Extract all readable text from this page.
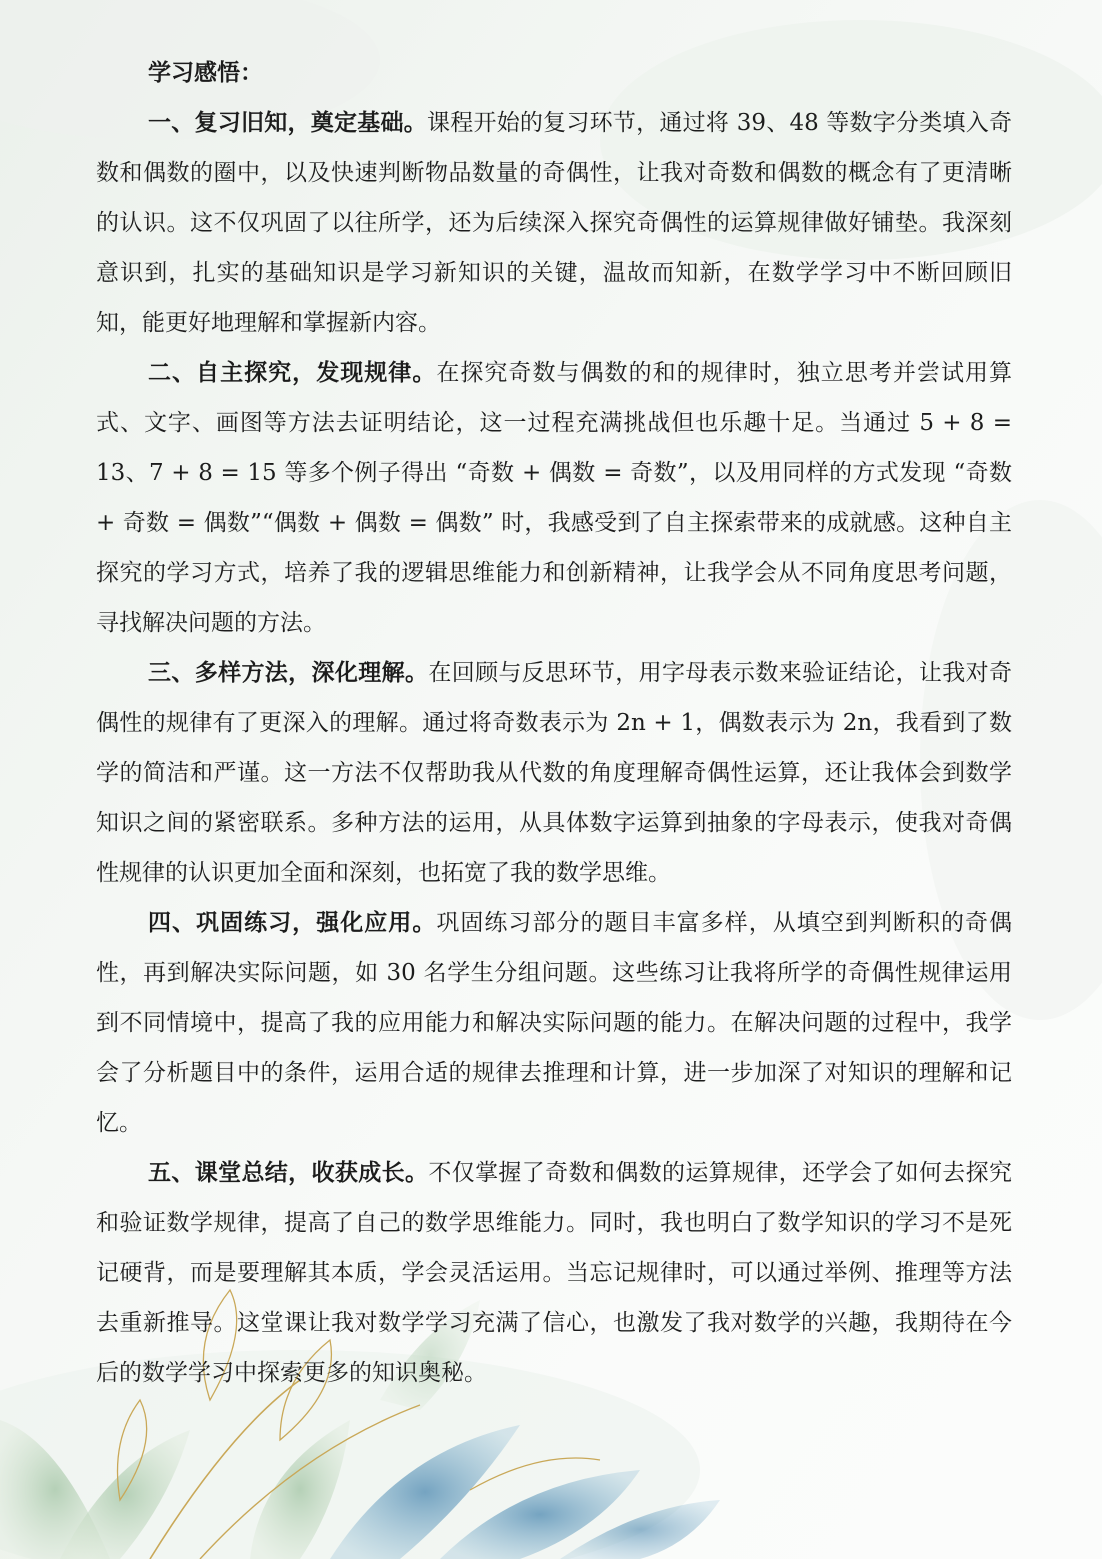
学习感悟：

一、复习旧知，奠定基础。课程开始的复习环节，通过将 39、48 等数字分类填入奇数和偶数的圈中，以及快速判断物品数量的奇偶性，让我对奇数和偶数的概念有了更清晰的认识。这不仅巩固了以往所学，还为后续深入探究奇偶性的运算规律做好铺垫。我深刻意识到，扎实的基础知识是学习新知识的关键，温故而知新，在数学学习中不断回顾旧知，能更好地理解和掌握新内容。

二、自主探究，发现规律。在探究奇数与偶数的和的规律时，独立思考并尝试用算式、文字、画图等方法去证明结论，这一过程充满挑战但也乐趣十足。当通过 5 + 8 = 13、7 + 8 = 15 等多个例子得出 “奇数 + 偶数 = 奇数”，以及用同样的方式发现 “奇数 + 奇数 = 偶数”“偶数 + 偶数 = 偶数” 时，我感受到了自主探索带来的成就感。这种自主探究的学习方式，培养了我的逻辑思维能力和创新精神，让我学会从不同角度思考问题，寻找解决问题的方法。

三、多样方法，深化理解。在回顾与反思环节，用字母表示数来验证结论，让我对奇偶性的规律有了更深入的理解。通过将奇数表示为 2n + 1，偶数表示为 2n，我看到了数学的简洁和严谨。这一方法不仅帮助我从代数的角度理解奇偶性运算，还让我体会到数学知识之间的紧密联系。多种方法的运用，从具体数字运算到抽象的字母表示，使我对奇偶性规律的认识更加全面和深刻，也拓宽了我的数学思维。

四、巩固练习，强化应用。巩固练习部分的题目丰富多样，从填空到判断积的奇偶性，再到解决实际问题，如 30 名学生分组问题。这些练习让我将所学的奇偶性规律运用到不同情境中，提高了我的应用能力和解决实际问题的能力。在解决问题的过程中，我学会了分析题目中的条件，运用合适的规律去推理和计算，进一步加深了对知识的理解和记忆。

五、课堂总结，收获成长。不仅掌握了奇数和偶数的运算规律，还学会了如何去探究和验证数学规律，提高了自己的数学思维能力。同时，我也明白了数学知识的学习不是死记硬背，而是要理解其本质，学会灵活运用。当忘记规律时，可以通过举例、推理等方法去重新推导。这堂课让我对数学学习充满了信心，也激发了我对数学的兴趣，我期待在今后的数学学习中探索更多的知识奥秘。
